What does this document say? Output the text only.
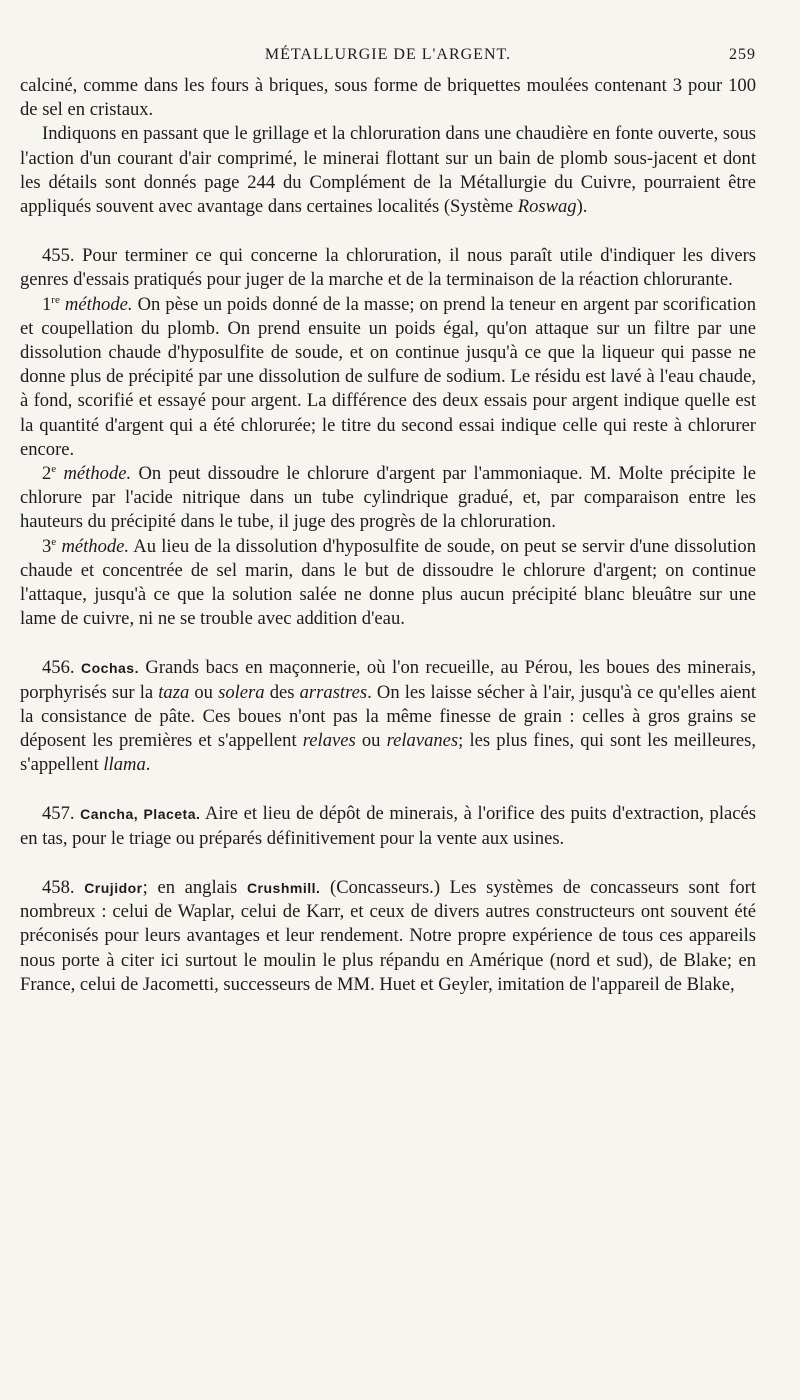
MÉTALLURGIE DE L'ARGENT.	259

calciné, comme dans les fours à briques, sous forme de briquettes moulées contenant 3 pour 100 de sel en cristaux.

Indiquons en passant que le grillage et la chloruration dans une chaudière en fonte ouverte, sous l'action d'un courant d'air comprimé, le minerai flottant sur un bain de plomb sous-jacent et dont les détails sont donnés page 244 du Complément de la Métallurgie du Cuivre, pourraient être appliqués souvent avec avantage dans certaines localités (Système Roswag).

455. Pour terminer ce qui concerne la chloruration, il nous paraît utile d'indiquer les divers genres d'essais pratiqués pour juger de la marche et de la terminaison de la réaction chlorurante.

1re méthode. On pèse un poids donné de la masse; on prend la teneur en argent par scorification et coupellation du plomb. On prend ensuite un poids égal, qu'on attaque sur un filtre par une dissolution chaude d'hyposulfite de soude, et on continue jusqu'à ce que la liqueur qui passe ne donne plus de précipité par une dissolution de sulfure de sodium. Le résidu est lavé à l'eau chaude, à fond, scorifié et essayé pour argent. La différence des deux essais pour argent indique quelle est la quantité d'argent qui a été chlorurée; le titre du second essai indique celle qui reste à chlorurer encore.

2e méthode. On peut dissoudre le chlorure d'argent par l'ammoniaque. M. Molte précipite le chlorure par l'acide nitrique dans un tube cylindrique gradué, et, par comparaison entre les hauteurs du précipité dans le tube, il juge des progrès de la chloruration.

3e méthode. Au lieu de la dissolution d'hyposulfite de soude, on peut se servir d'une dissolution chaude et concentrée de sel marin, dans le but de dissoudre le chlorure d'argent; on continue l'attaque, jusqu'à ce que la solution salée ne donne plus aucun précipité blanc bleuâtre sur une lame de cuivre, ni ne se trouble avec addition d'eau.

456. Cochas. Grands bacs en maçonnerie, où l'on recueille, au Pérou, les boues des minerais, porphyrisés sur la taza ou solera des arrastres. On les laisse sécher à l'air, jusqu'à ce qu'elles aient la consistance de pâte. Ces boues n'ont pas la même finesse de grain : celles à gros grains se déposent les premières et s'appellent relaves ou relavanes; les plus fines, qui sont les meilleures, s'appellent llama.

457. Cancha, Placeta. Aire et lieu de dépôt de minerais, à l'orifice des puits d'extraction, placés en tas, pour le triage ou préparés définitivement pour la vente aux usines.

458. Crujidor; en anglais Crushmill. (Concasseurs.) Les systèmes de concasseurs sont fort nombreux : celui de Waplar, celui de Karr, et ceux de divers autres constructeurs ont souvent été préconisés pour leurs avantages et leur rendement. Notre propre expérience de tous ces appareils nous porte à citer ici surtout le moulin le plus répandu en Amérique (nord et sud), de Blake; en France, celui de Jacometti, successeurs de MM. Huet et Geyler, imitation de l'appareil de Blake,
